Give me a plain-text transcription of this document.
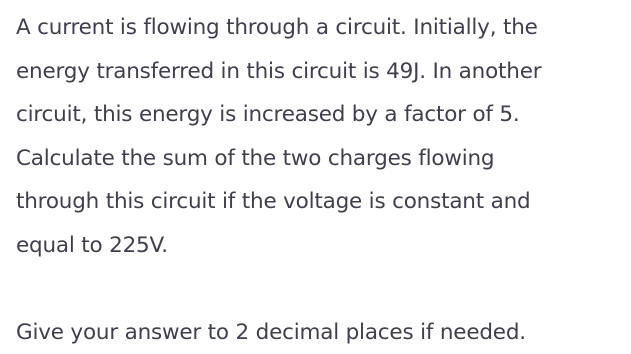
A current is flowing through a circuit. Initially, the
energy transferred in this circuit is 49J. In another
circuit, this energy is increased by a factor of 5.
Calculate the sum of the two charges flowing
through this circuit if the voltage is constant and
equal to 225V.
Give your answer to 2 decimal places if needed.
